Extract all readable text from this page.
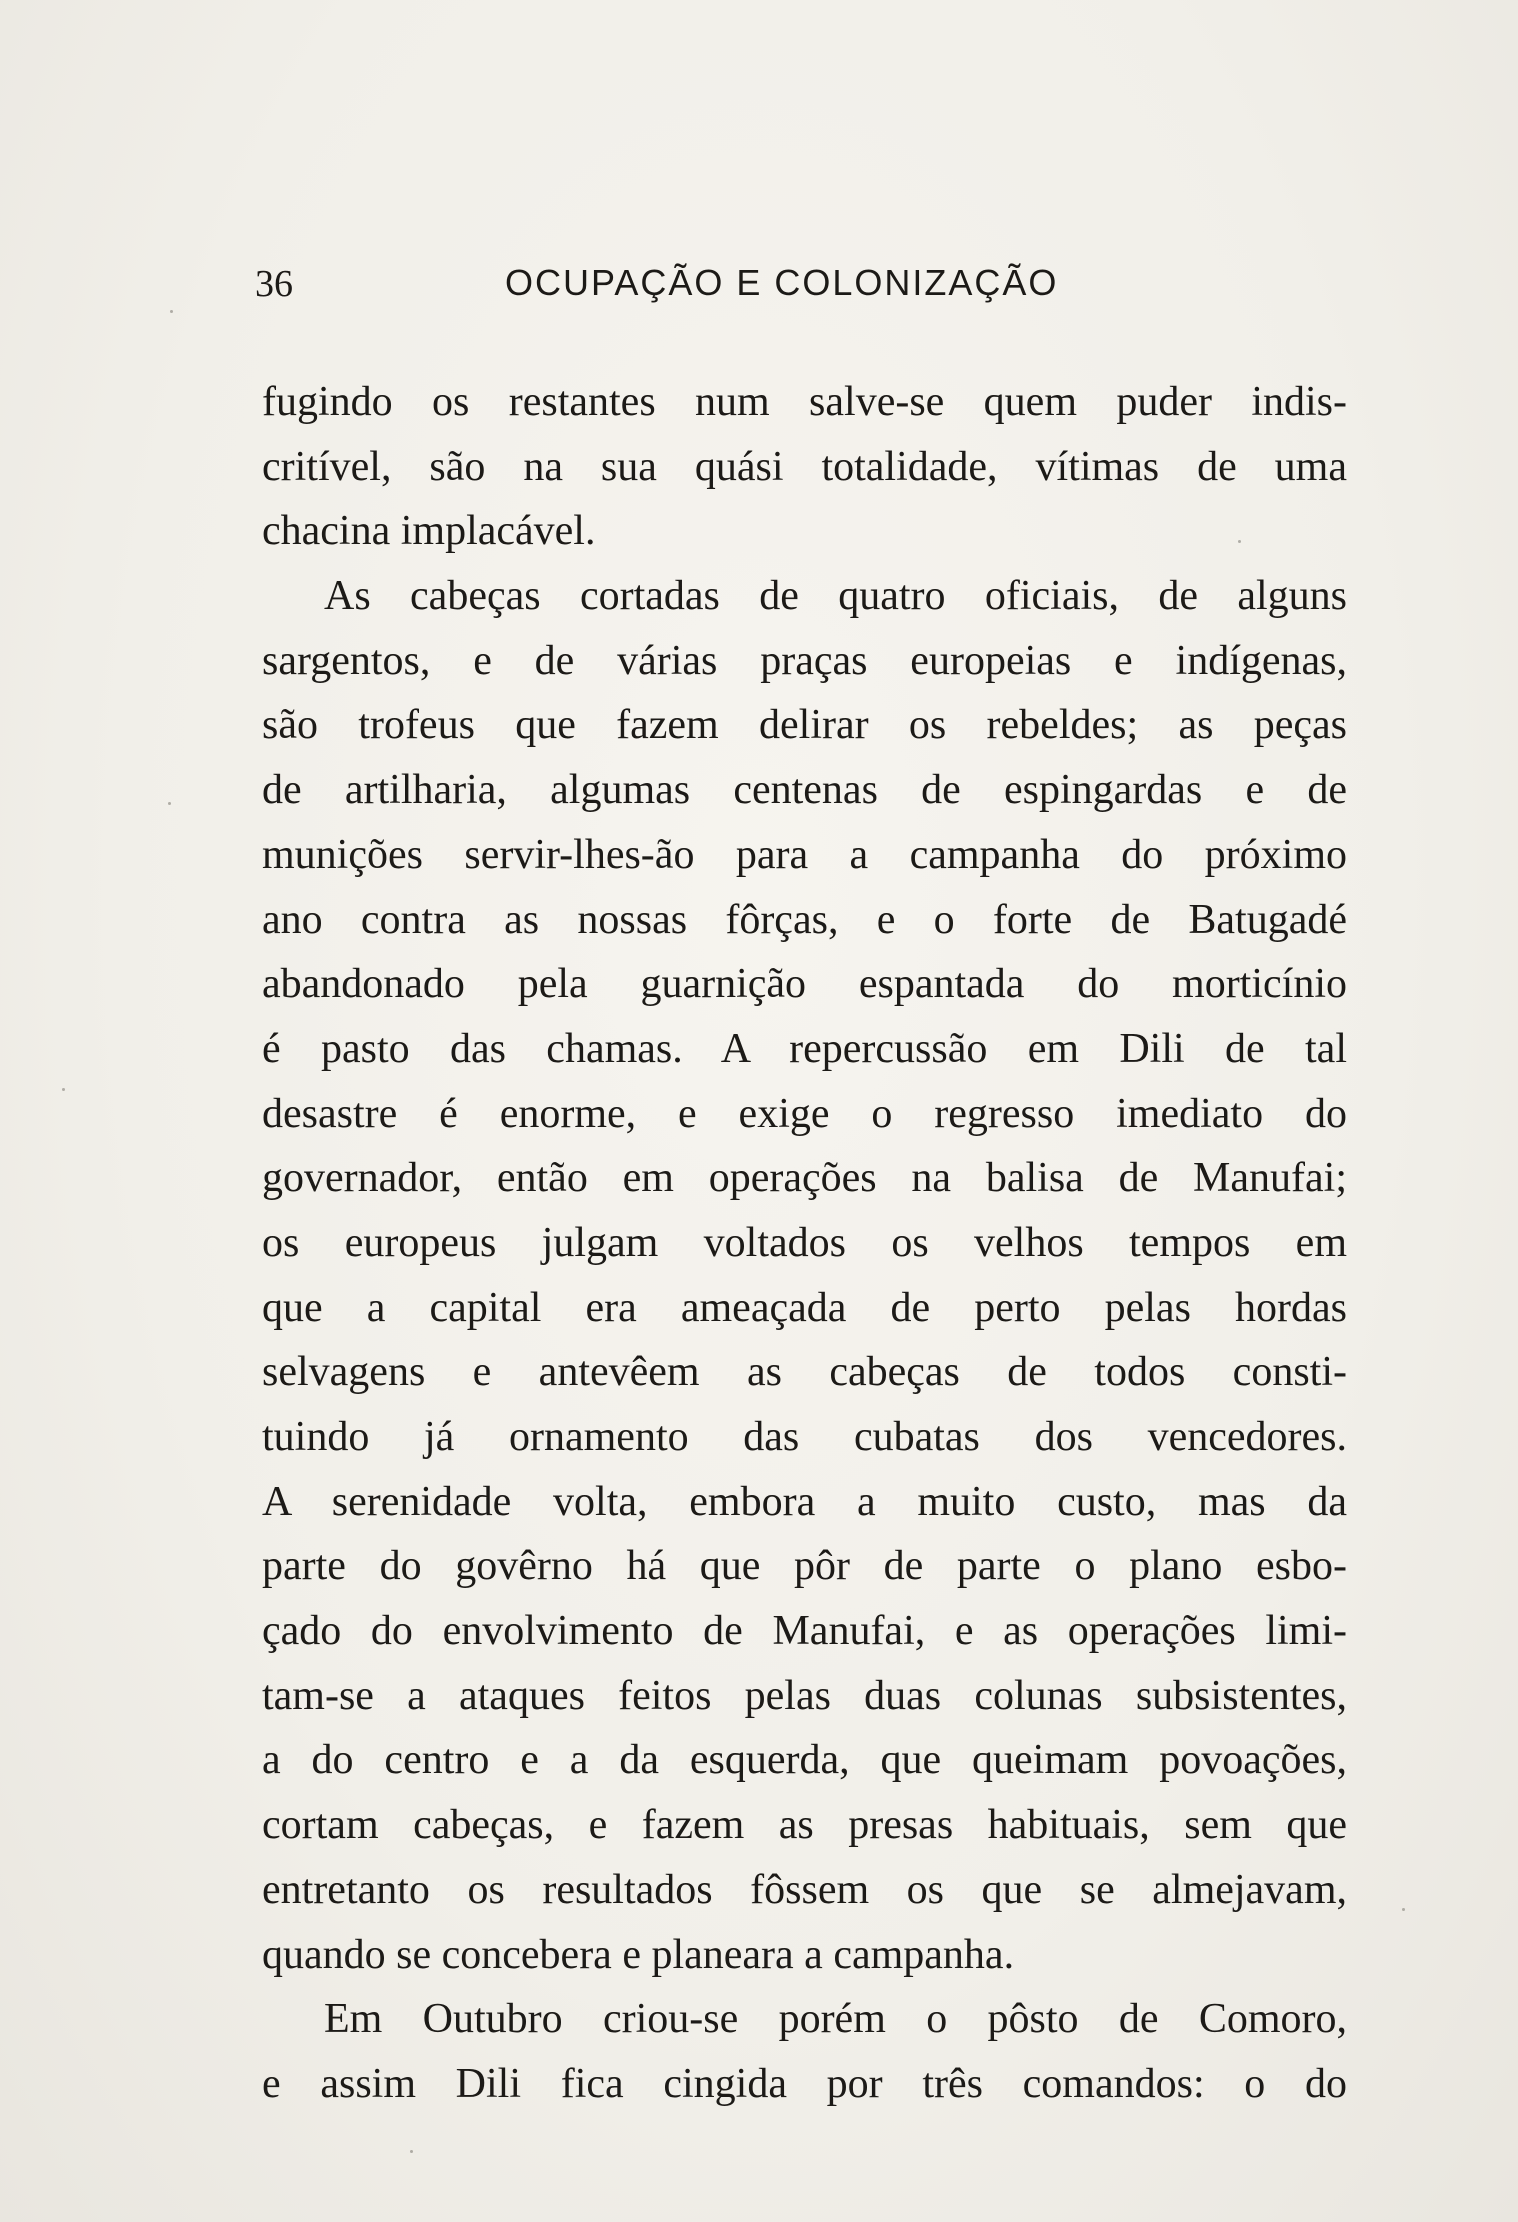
36	OCUPAÇÃO E COLONIZAÇÃO
fugindo os restantes num salve-se quem puder indis-
critível, são na sua quási totalidade, vítimas de uma
chacina implacável.
As cabeças cortadas de quatro oficiais, de alguns
sargentos, e de várias praças europeias e indígenas,
são trofeus que fazem delirar os rebeldes; as peças
de artilharia, algumas centenas de espingardas e de
munições servir-lhes-ão para a campanha do próximo
ano contra as nossas fôrças, e o forte de Batugadé
abandonado pela guarnição espantada do morticínio
é pasto das chamas. A repercussão em Dili de tal
desastre é enorme, e exige o regresso imediato do
governador, então em operações na balisa de Manufai;
os europeus julgam voltados os velhos tempos em
que a capital era ameaçada de perto pelas hordas
selvagens e antevêem as cabeças de todos consti-
tuindo já ornamento das cubatas dos vencedores.
A serenidade volta, embora a muito custo, mas da
parte do govêrno há que pôr de parte o plano esbo-
çado do envolvimento de Manufai, e as operações limi-
tam-se a ataques feitos pelas duas colunas subsistentes,
a do centro e a da esquerda, que queimam povoações,
cortam cabeças, e fazem as presas habituais, sem que
entretanto os resultados fôssem os que se almejavam,
quando se concebera e planeara a campanha.
Em Outubro criou-se porém o pôsto de Comoro,
e assim Dili fica cingida por três comandos: o do
